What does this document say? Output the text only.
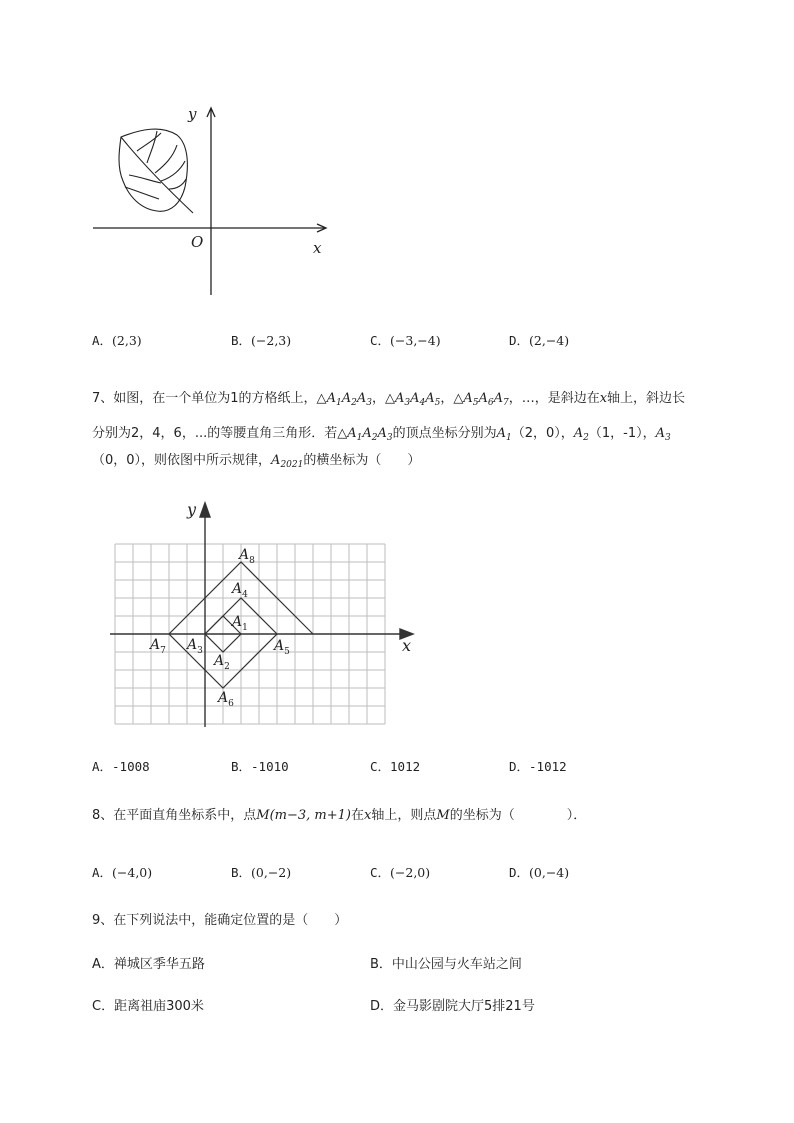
y
x
O
A．(2,3)	B．(−2,3)	C．(−3,−4)	D．(2,−4)
7、如图，在一个单位为1的方格纸上，$\triangle A_1A_2A_3$，$\triangle A_3A_4A_5$，$\triangle A_5A_6A_7$，…，是斜边在x轴上，斜边长
分别为2，4，6，...的等腰直角三角形．若$\triangle A_1A_2A_3$的顶点坐标分别为$A_1(2$，0），$A_2(1$，-1），$A_3$
（0，0），则依图中所示规律，$A_{2021}$的横坐标为（　　）
$A_8$
$A_4$
$A_1$
$A_7$ $A_3$
$A_2$
$A_5$
$A_6$
y
x
A．-1008	B．-1010	C．1012	D．-1012
8、在平面直角坐标系中，点M(m−3, m+1)在x轴上，则点M的坐标为（　　　　）．
A．(−4,0)	B．(0,−2)	C．(−2,0)	D．(0,−4)
9、在下列说法中，能确定位置的是（　　）
A．禅城区季华五路	B．中山公园与火车站之间
C．距离祖庙300米	D．金马影剧院大厅5排21号
